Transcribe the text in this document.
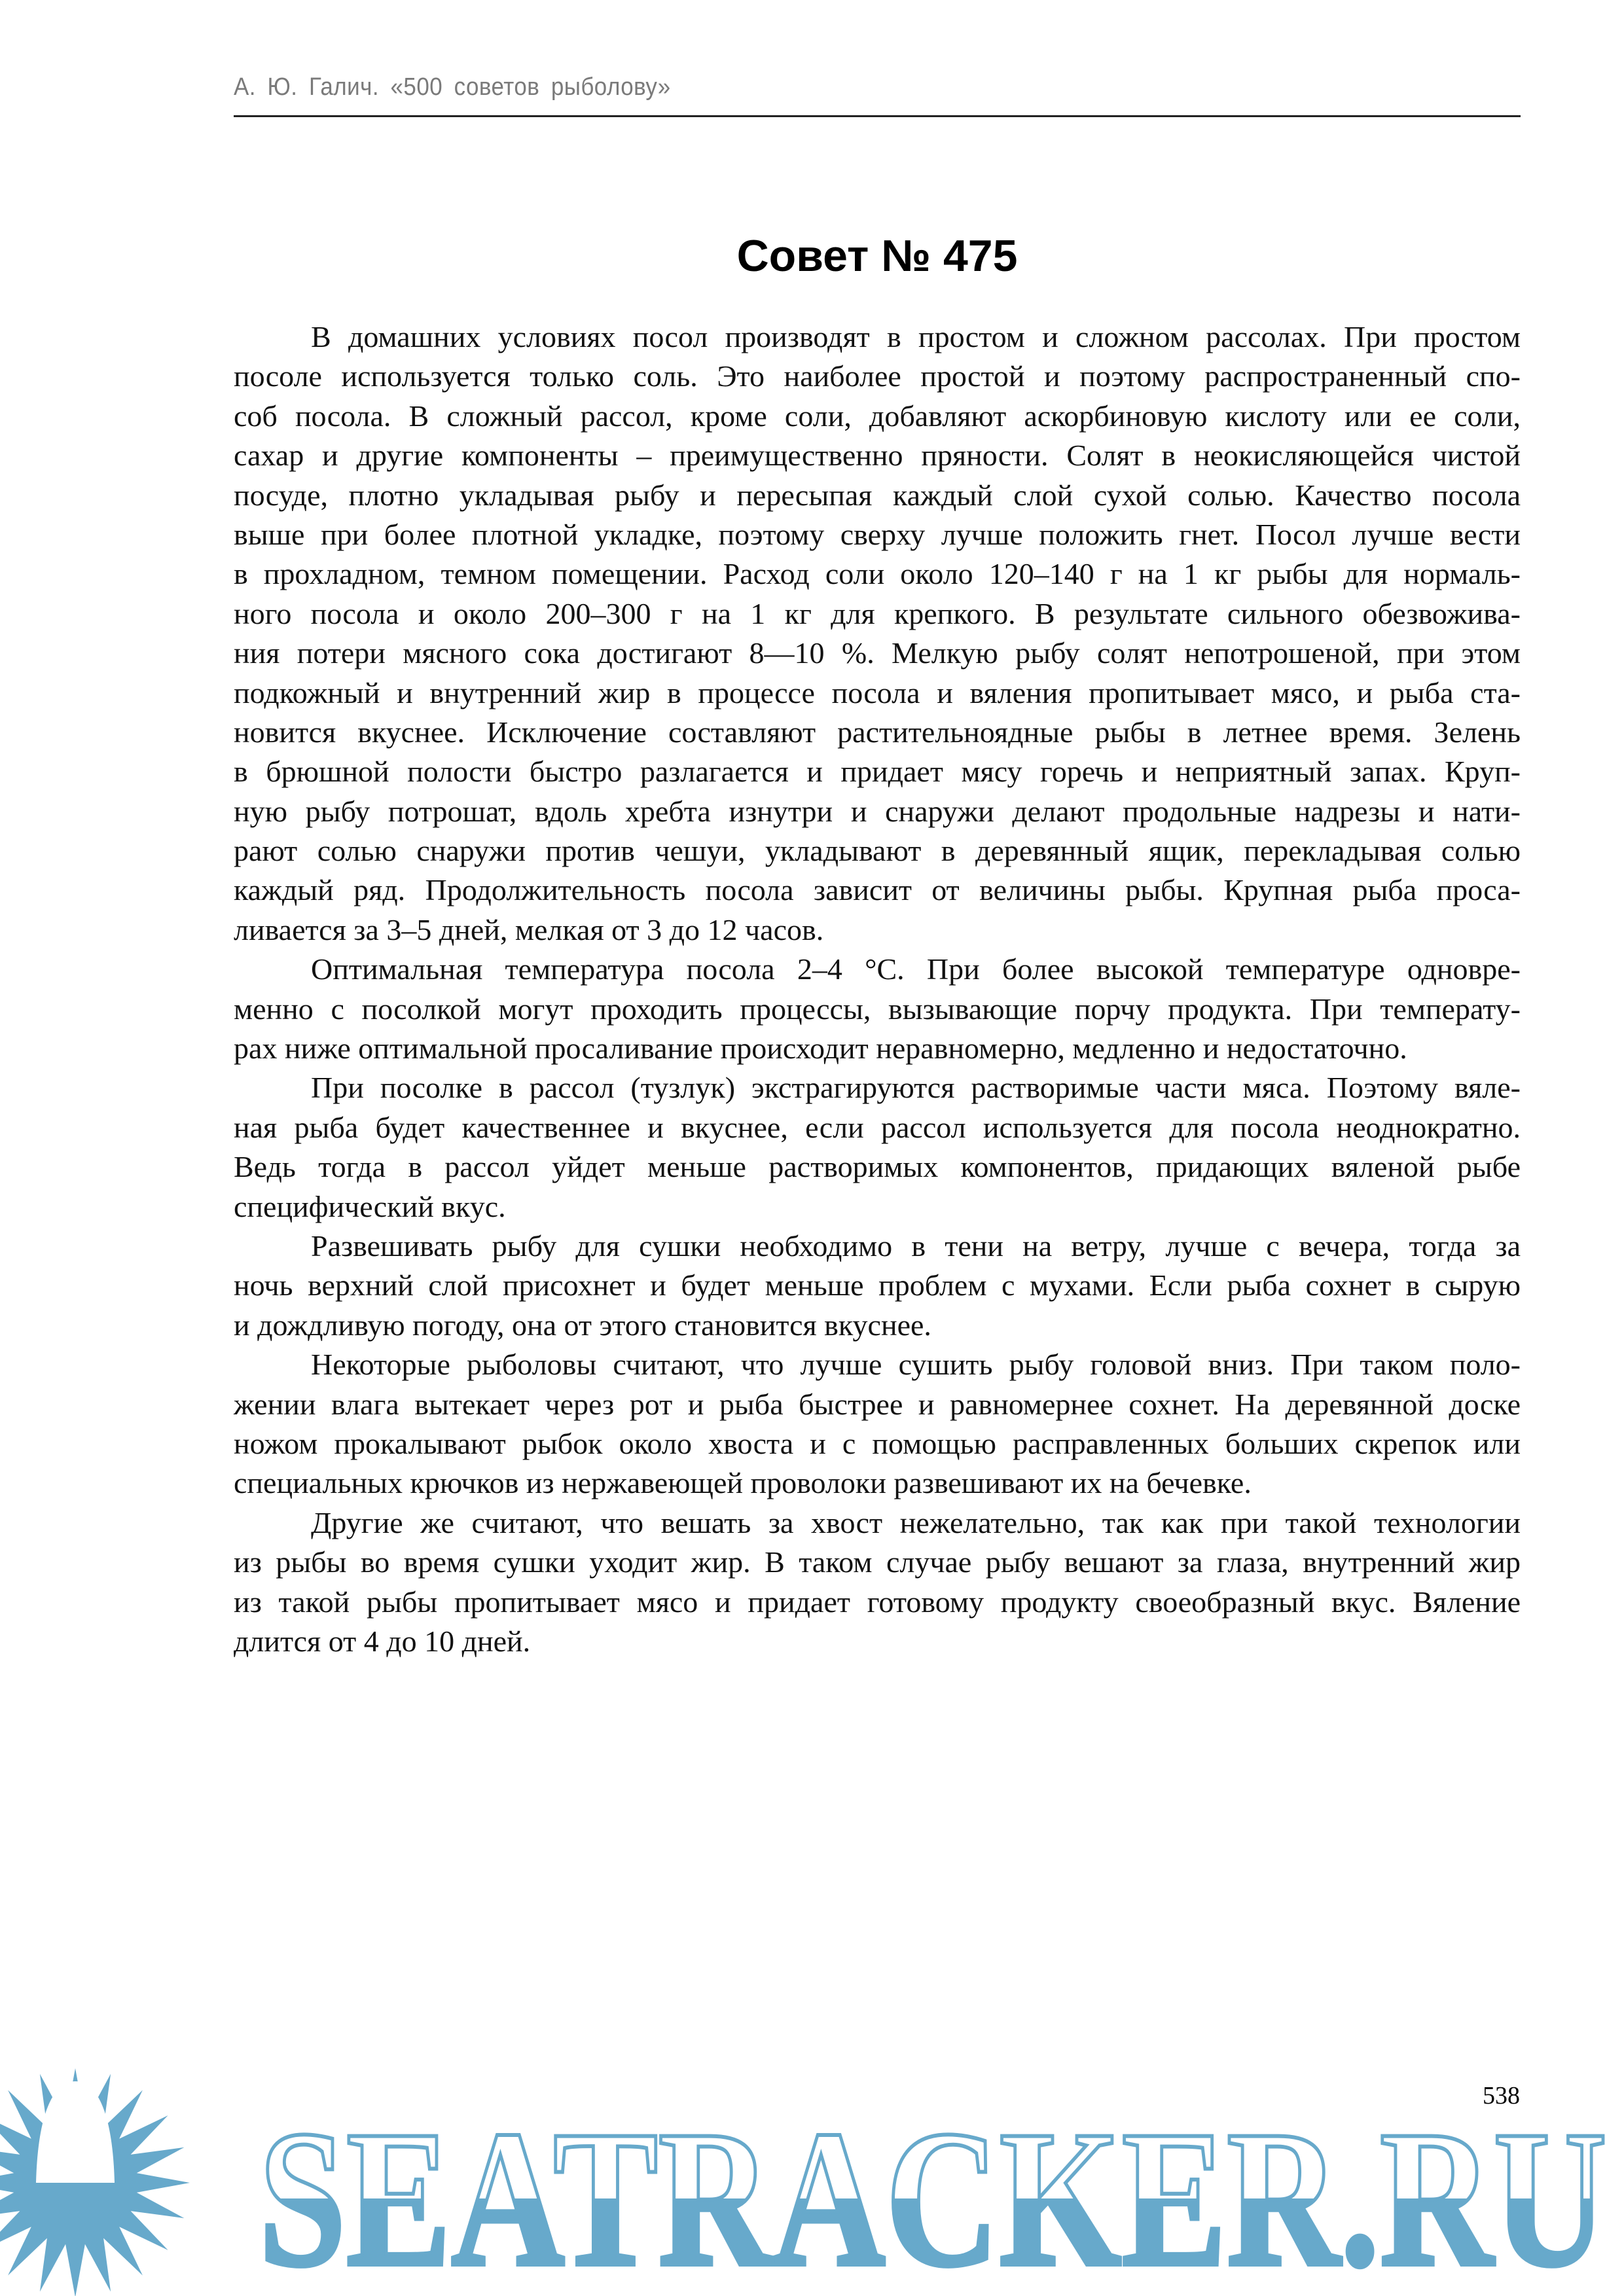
А. Ю. Галич. «500 советов рыболову»
Совет № 475
В домашних условиях посол производят в простом и сложном рассолах. При простом
посоле используется только соль. Это наиболее простой и поэтому распространенный спо-
соб посола. В сложный рассол, кроме соли, добавляют аскорбиновую кислоту или ее соли,
сахар и другие компоненты – преимущественно пряности. Солят в неокисляющейся чистой
посуде, плотно укладывая рыбу и пересыпая каждый слой сухой солью. Качество посола
выше при более плотной укладке, поэтому сверху лучше положить гнет. Посол лучше вести
в прохладном, темном помещении. Расход соли около 120–140 г на 1 кг рыбы для нормаль-
ного посола и около 200–300 г на 1 кг для крепкого. В результате сильного обезвожива-
ния потери мясного сока достигают 8—10 %. Мелкую рыбу солят непотрошеной, при этом
подкожный и внутренний жир в процессе посола и вяления пропитывает мясо, и рыба ста-
новится вкуснее. Исключение составляют растительноядные рыбы в летнее время. Зелень
в брюшной полости быстро разлагается и придает мясу горечь и неприятный запах. Круп-
ную рыбу потрошат, вдоль хребта изнутри и снаружи делают продольные надрезы и нати-
рают солью снаружи против чешуи, укладывают в деревянный ящик, перекладывая солью
каждый ряд. Продолжительность посола зависит от величины рыбы. Крупная рыба проса-
ливается за 3–5 дней, мелкая от 3 до 12 часов.
Оптимальная температура посола 2–4 °C. При более высокой температуре одновре-
менно с посолкой могут проходить процессы, вызывающие порчу продукта. При температу-
рах ниже оптимальной просаливание происходит неравномерно, медленно и недостаточно.
При посолке в рассол (тузлук) экстрагируются растворимые части мяса. Поэтому вяле-
ная рыба будет качественнее и вкуснее, если рассол используется для посола неоднократно.
Ведь тогда в рассол уйдет меньше растворимых компонентов, придающих вяленой рыбе
специфический вкус.
Развешивать рыбу для сушки необходимо в тени на ветру, лучше с вечера, тогда за
ночь верхний слой присохнет и будет меньше проблем с мухами. Если рыба сохнет в сырую
и дождливую погоду, она от этого становится вкуснее.
Некоторые рыболовы считают, что лучше сушить рыбу головой вниз. При таком поло-
жении влага вытекает через рот и рыба быстрее и равномернее сохнет. На деревянной доске
ножом прокалывают рыбок около хвоста и с помощью расправленных больших скрепок или
специальных крючков из нержавеющей проволоки развешивают их на бечевке.
Другие же считают, что вешать за хвост нежелательно, так как при такой технологии
из рыбы во время сушки уходит жир. В таком случае рыбу вешают за глаза, внутренний жир
из такой рыбы пропитывает мясо и придает готовому продукту своеобразный вкус. Вяление
длится от 4 до 10 дней.
SEATRACKER.RU
538
